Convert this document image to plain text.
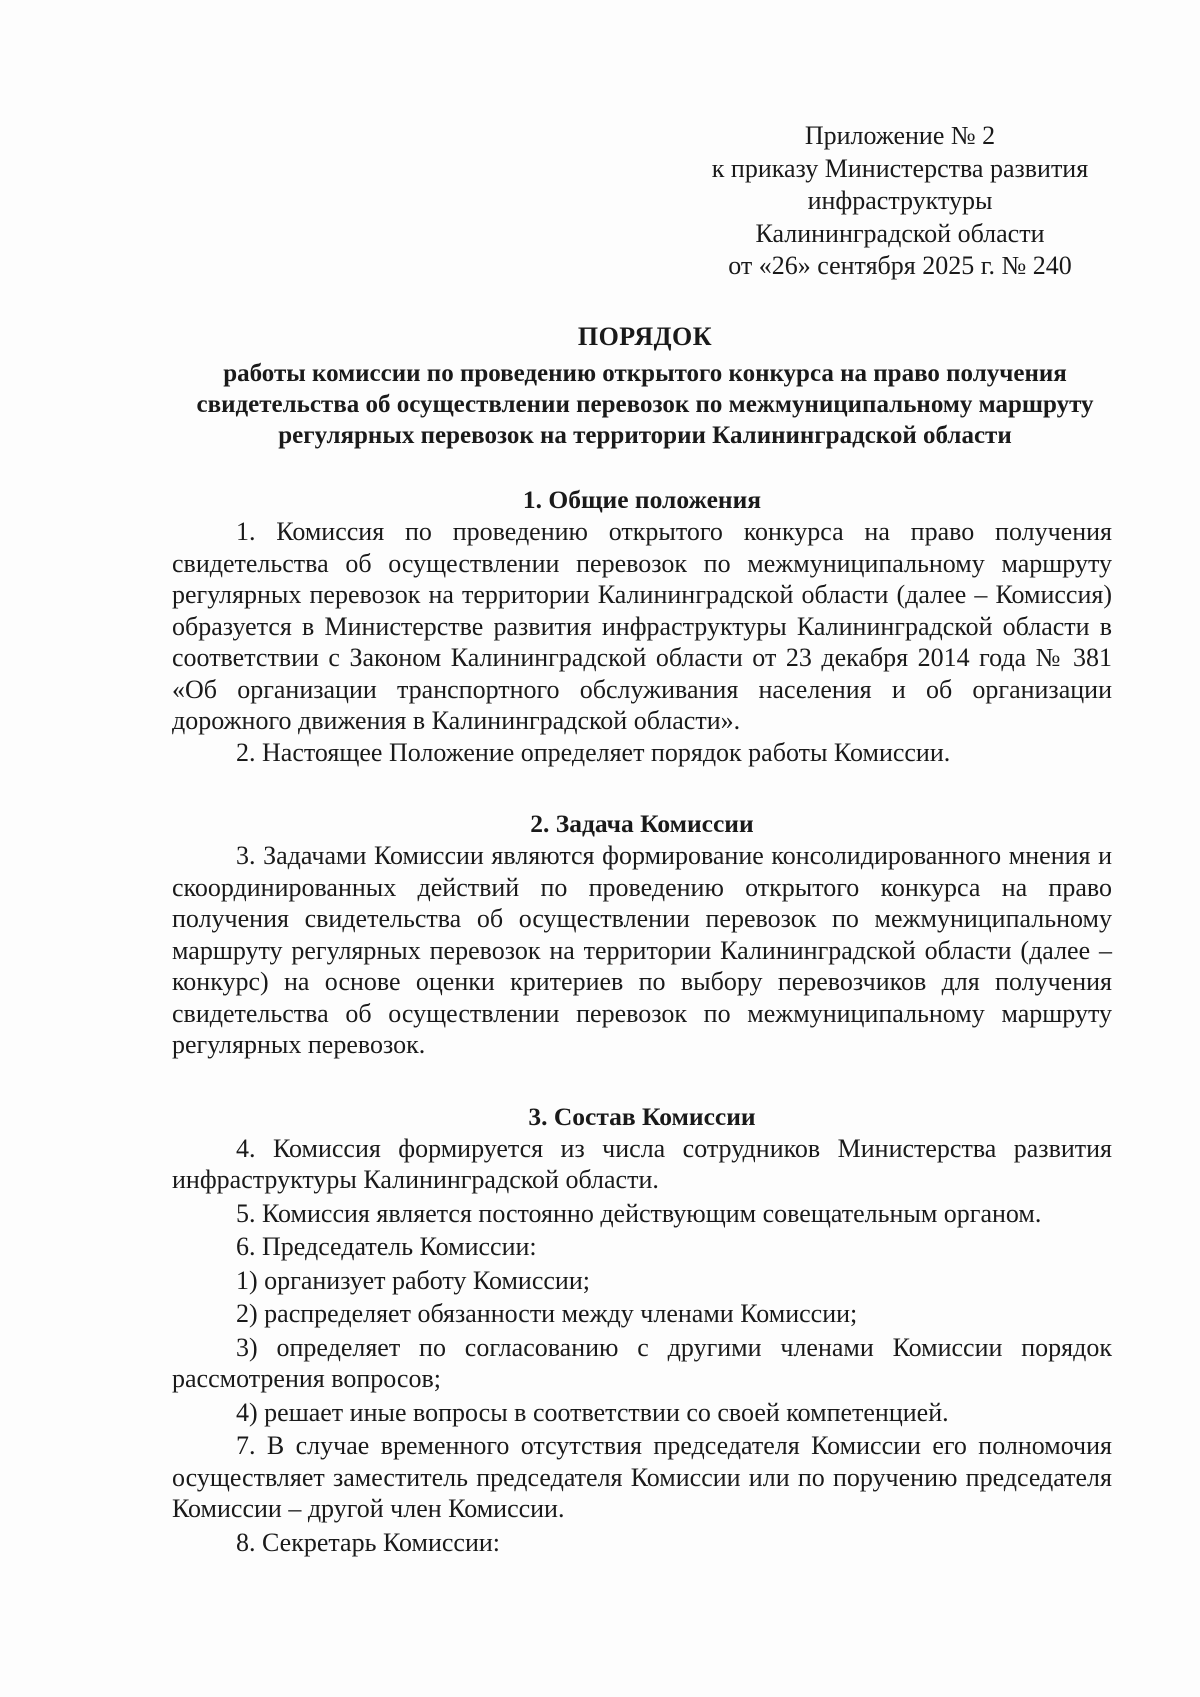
Приложение № 2
к приказу Министерства развития
инфраструктуры
Калининградской области
от «26» сентября 2025 г. № 240
ПОРЯДОК
работы комиссии по проведению открытого конкурса на право получения свидетельства об осуществлении перевозок по межмуниципальному маршруту регулярных перевозок на территории Калининградской области
1. Общие положения

1. Комиссия по проведению открытого конкурса на право получения свидетельства об осуществлении перевозок по межмуниципальному маршруту регулярных перевозок на территории Калининградской области (далее – Комиссия) образуется в Министерстве развития инфраструктуры Калининградской области в соответствии с Законом Калининградской области от 23 декабря 2014 года № 381 «Об организации транспортного обслуживания населения и об организации дорожного движения в Калининградской области».

2. Настоящее Положение определяет порядок работы Комиссии.

2. Задача Комиссии

3. Задачами Комиссии являются формирование консолидированного мнения и скоординированных действий по проведению открытого конкурса на право получения свидетельства об осуществлении перевозок по межмуниципальному маршруту регулярных перевозок на территории Калининградской области (далее – конкурс) на основе оценки критериев по выбору перевозчиков для получения свидетельства об осуществлении перевозок по межмуниципальному маршруту регулярных перевозок.

3. Состав Комиссии

4. Комиссия формируется из числа сотрудников Министерства развития инфраструктуры Калининградской области.

5. Комиссия является постоянно действующим совещательным органом.

6. Председатель Комиссии:

1) организует работу Комиссии;

2) распределяет обязанности между членами Комиссии;

3) определяет по согласованию с другими членами Комиссии порядок рассмотрения вопросов;

4) решает иные вопросы в соответствии со своей компетенцией.

7. В случае временного отсутствия председателя Комиссии его полномочия осуществляет заместитель председателя Комиссии или по поручению председателя Комиссии – другой член Комиссии.

8. Секретарь Комиссии:
